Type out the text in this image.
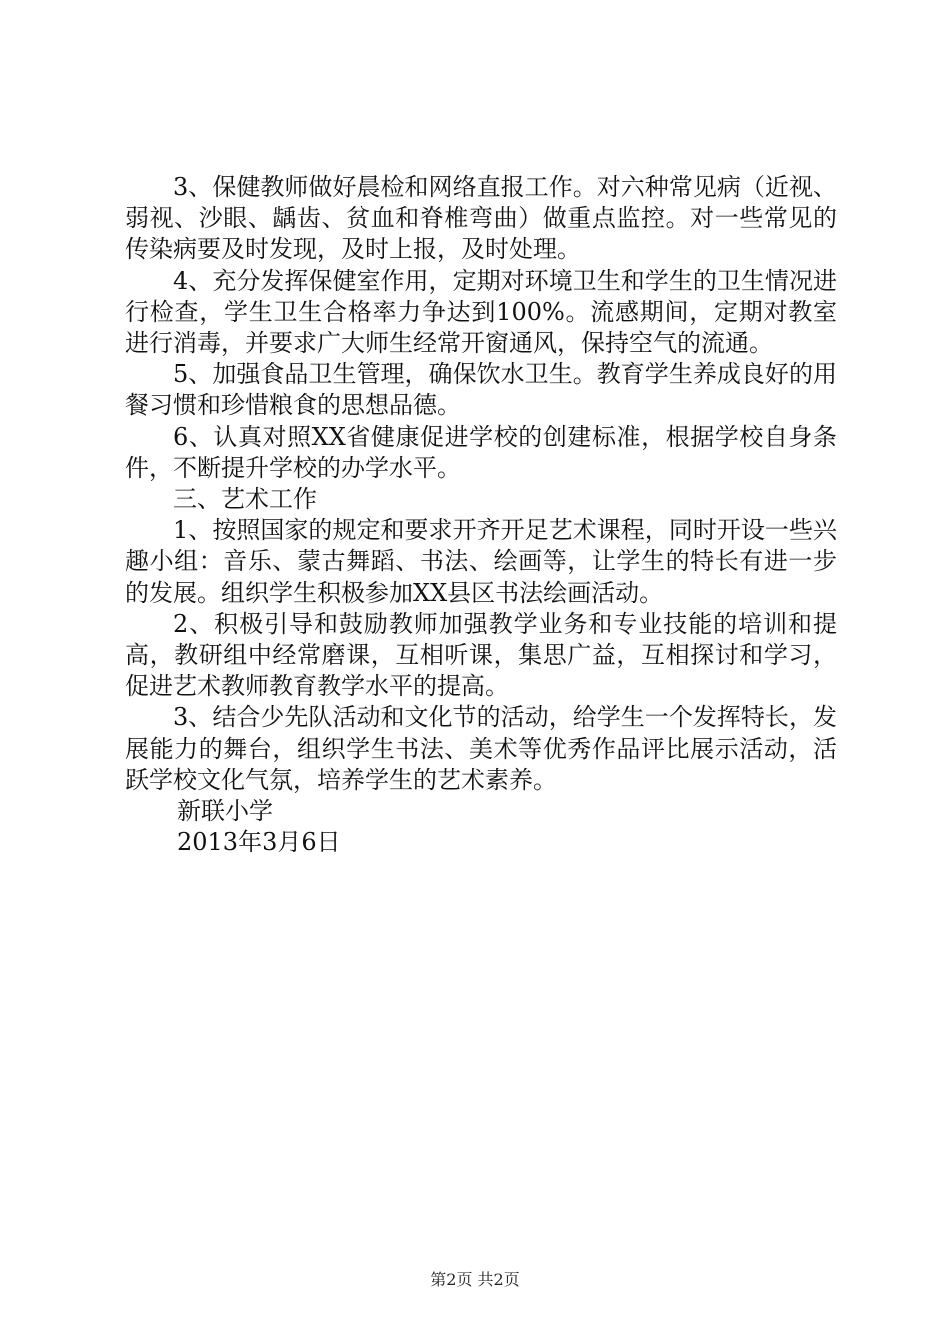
3、保健教师做好晨检和网络直报工作。对六种常见病（近视、弱视、沙眼、龋齿、贫血和脊椎弯曲）做重点监控。对一些常见的传染病要及时发现，及时上报，及时处理。

4、充分发挥保健室作用，定期对环境卫生和学生的卫生情况进行检查，学生卫生合格率力争达到100%。流感期间，定期对教室进行消毒，并要求广大师生经常开窗通风，保持空气的流通。

5、加强食品卫生管理，确保饮水卫生。教育学生养成良好的用餐习惯和珍惜粮食的思想品德。

6、认真对照XX省健康促进学校的创建标准，根据学校自身条件，不断提升学校的办学水平。

三、艺术工作

1、按照国家的规定和要求开齐开足艺术课程，同时开设一些兴趣小组：音乐、蒙古舞蹈、书法、绘画等，让学生的特长有进一步的发展。组织学生积极参加XX县区书法绘画活动。

2、积极引导和鼓励教师加强教学业务和专业技能的培训和提高，教研组中经常磨课，互相听课，集思广益，互相探讨和学习，促进艺术教师教育教学水平的提高。

3、结合少先队活动和文化节的活动，给学生一个发挥特长，发展能力的舞台，组织学生书法、美术等优秀作品评比展示活动，活跃学校文化气氛，培养学生的艺术素养。

新联小学

2013年3月6日

第2页 共2页
